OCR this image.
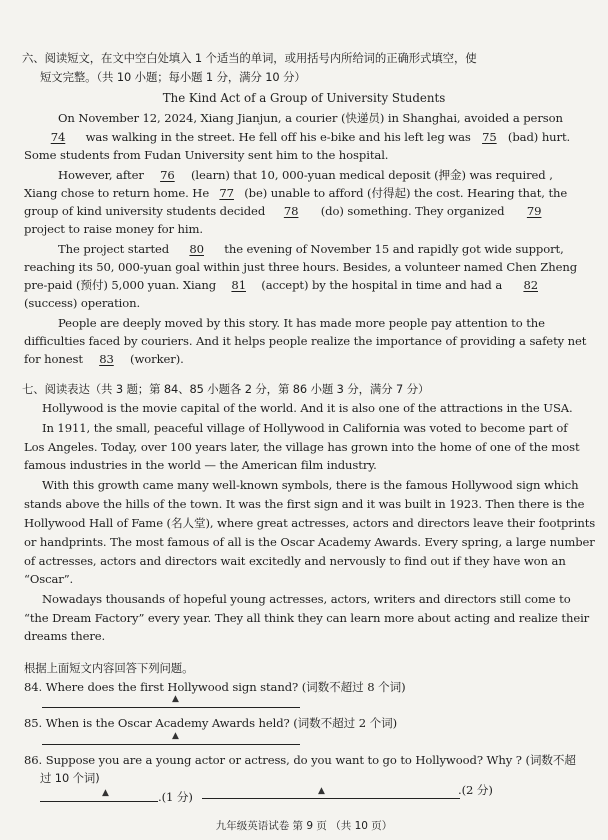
六、阅读短文，在文中空白处填入 1 个适当的单词，或用括号内所给词的正确形式填空，使
短文完整。（共 10 小题；每小题 1 分，满分 10 分）
The Kind Act of a Group of University Students
On November 12, 2024, Xiang Jianjun, a courier (快递员) in Shanghai, avoided a person
74 was walking in the street. He fell off his e-bike and his left leg was 75 (bad) hurt.
Some students from Fudan University sent him to the hospital.
However, after 76 (learn) that 10, 000-yuan medical deposit (押金) was required ,
Xiang chose to return home. He 77 (be) unable to afford (付得起) the cost. Hearing that, the
group of kind university students decided 78 (do) something. They organized 79
project to raise money for him.
The project started 80 the evening of November 15 and rapidly got wide support,
reaching its 50, 000-yuan goal within just three hours. Besides, a volunteer named Chen Zheng
pre-paid (预付) 5,000 yuan. Xiang 81 (accept) by the hospital in time and had a 82
(success) operation.
People are deeply moved by this story. It has made more people pay attention to the
difficulties faced by couriers. And it helps people realize the importance of providing a safety net
for honest 83 (worker).
七、阅读表达（共 3 题；第 84、85 小题各 2 分，第 86 小题 3 分，满分 7 分）
Hollywood is the movie capital of the world. And it is also one of the attractions in the USA.
In 1911, the small, peaceful village of Hollywood in California was voted to become part of
Los Angeles. Today, over 100 years later, the village has grown into the home of one of the most
famous industries in the world — the American film industry.
With this growth came many well-known symbols, there is the famous Hollywood sign which
stands above the hills of the town. It was the first sign and it was built in 1923. Then there is the
Hollywood Hall of Fame (名人堂), where great actresses, actors and directors leave their footprints
or handprints. The most famous of all is the Oscar Academy Awards. Every spring, a large number
of actresses, actors and directors wait excitedly and nervously to find out if they have won an
“Oscar”.
Nowadays thousands of hopeful young actresses, actors, writers and directors still come to
“the Dream Factory” every year. They all think they can learn more about acting and realize their
dreams there.
根据上面短文内容回答下列问题。
84. Where does the first Hollywood sign stand? (词数不超过 8 个词)
▲
85. When is the Oscar Academy Awards held? (词数不超过 2 个词)
▲
86. Suppose you are a young actor or actress, do you want to go to Hollywood? Why ? (词数不超
过 10 个词)
▲	.(1 分)	▲	.(2 分)
九年级英语试卷 第 9 页 （共 10 页）
